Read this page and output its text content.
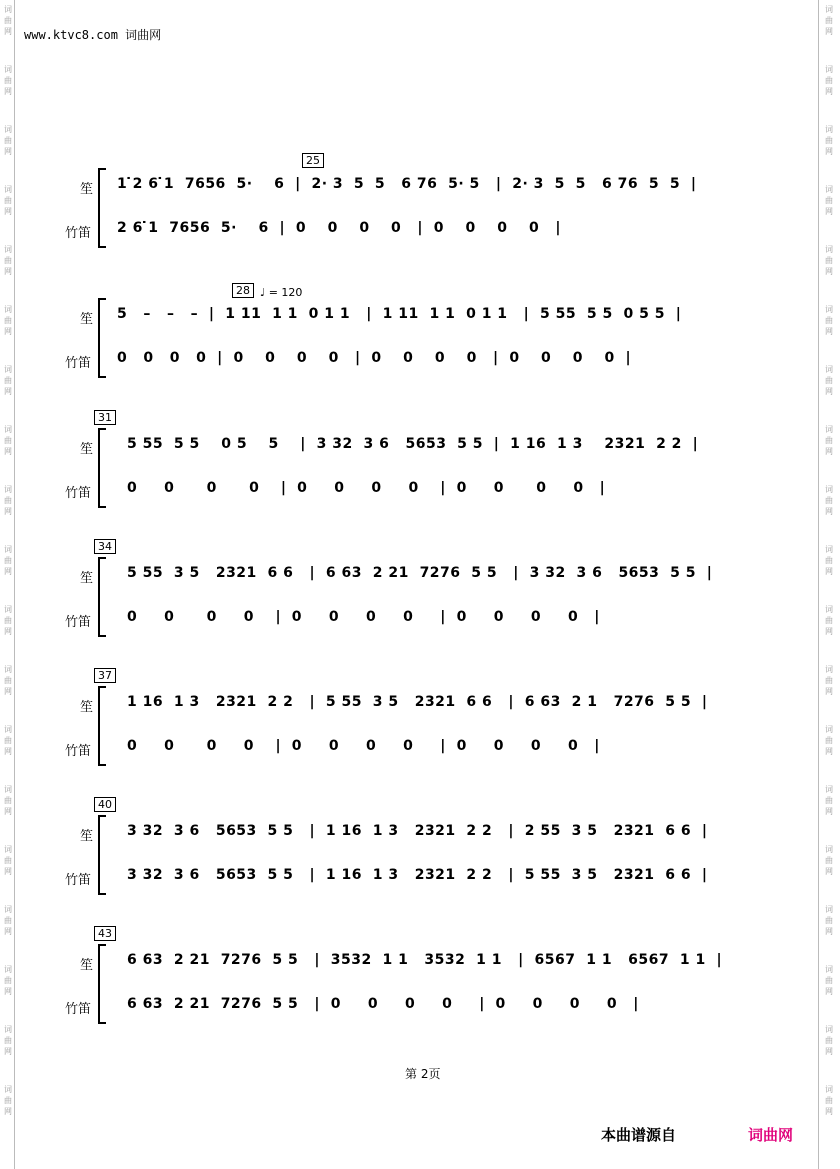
词
曲
网
词
曲
网
词
曲
网
词
曲
网
词
曲
网
词
曲
网
词
曲
网
词
曲
网
词
曲
网
词
曲
网
词
曲
网
词
曲
网
词
曲
网
词
曲
网
词
曲
网
词
曲
网
词
曲
网
词
曲
网
词
曲
网
词
曲
网
词
曲
网
词
曲
网
词
曲
网
词
曲
网
词
曲
网
词
曲
网
词
曲
网
词
曲
网
词
曲
网
词
曲
网
词
曲
网
词
曲
网
词
曲
网
词
曲
网
词
曲
网
词
曲
网
词
曲
网
词
曲
网
www.ktvc8.com 词曲网
笙
竹笛
25
1 ̇2 6 ̇1  7656  5·    6  |  2· 3  5  5   6 76  5· 5   |  2· 3  5  5   6 76  5  5  |
2 6 ̇1  7656  5·    6  |  0    0    0    0   |  0    0    0    0   |
笙
竹笛
28 ♩ = 120
5   –   –   –  |  1 11  1 1  0 1 1   |  1 11  1 1  0 1 1   |  5 55  5 5  0 5 5  |
0   0   0   0  |  0    0    0    0   |  0    0    0    0   |  0    0    0    0  |
笙
竹笛
31
5 55  5 5    0 5    5    |  3 32  3 6   5653  5 5  |  1 16  1 3    2321  2 2  |
0     0      0      0    |  0     0     0     0    |  0     0      0     0   |
笙
竹笛
34
5 55  3 5   2321  6 6   |  6 63  2 21  7276  5 5   |  3 32  3 6   5653  5 5  |
0     0      0     0    |  0     0     0     0     |  0     0     0     0   |
笙
竹笛
37
1 16  1 3   2321  2 2   |  5 55  3 5   2321  6 6   |  6 63  2 1   7276  5 5  |
0     0      0     0    |  0     0     0     0     |  0     0     0     0   |
笙
竹笛
40
3 32  3 6   5653  5 5   |  1 16  1 3   2321  2 2   |  2 55  3 5   2321  6 6  |
3 32  3 6   5653  5 5   |  1 16  1 3   2321  2 2   |  5 55  3 5   2321  6 6  |
笙
竹笛
43
6 63  2 21  7276  5 5   |  3532  1 1   3532  1 1   |  6567  1 1   6567  1 1  |
6 63  2 21  7276  5 5   |  0     0     0     0     |  0     0     0     0   |
第 2页
本曲谱源自	词曲网
